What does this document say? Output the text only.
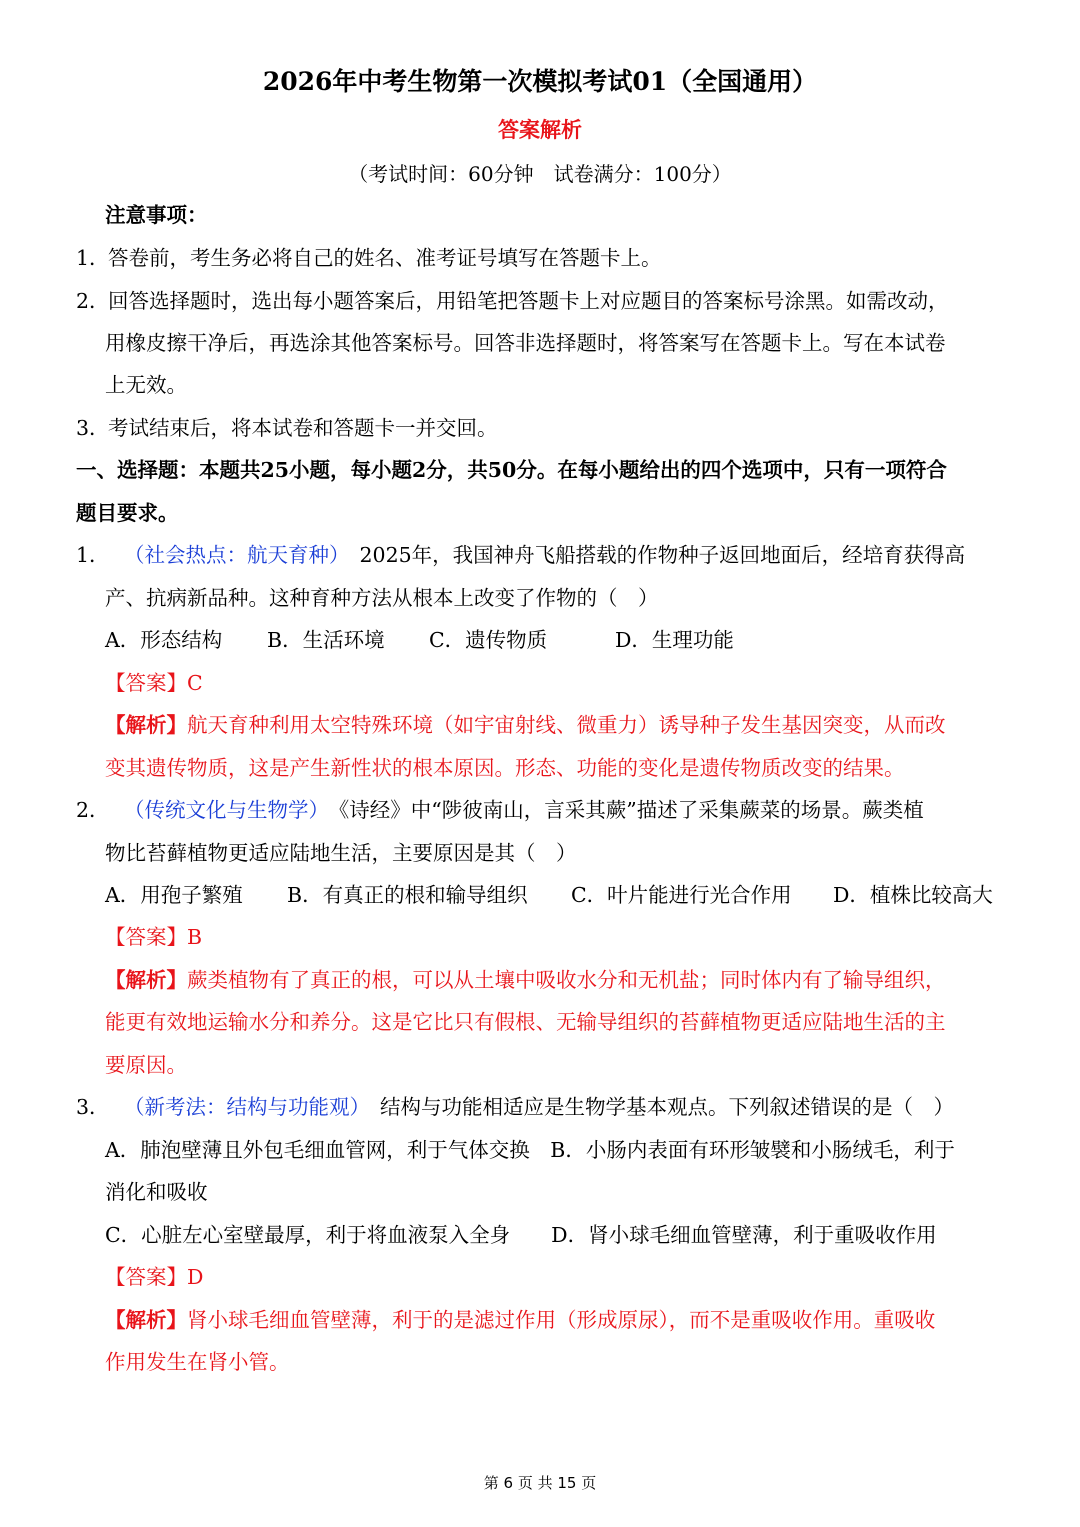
2026年中考生物第一次模拟考试01（全国通用）
答案解析
（考试时间：60分钟　试卷满分：100分）
注意事项：
1．答卷前，考生务必将自己的姓名、准考证号填写在答题卡上。
2．回答选择题时，选出每小题答案后，用铅笔把答题卡上对应题目的答案标号涂黑。如需改动，
用橡皮擦干净后，再选涂其他答案标号。回答非选择题时，将答案写在答题卡上。写在本试卷
上无效。
3．考试结束后，将本试卷和答题卡一并交回。
一、选择题：本题共25小题，每小题2分，共50分。在每小题给出的四个选项中，只有一项符合
题目要求。
1． （社会热点：航天育种） 2025年，我国神舟飞船搭载的作物种子返回地面后，经培育获得高
产、抗病新品种。这种育种方法从根本上改变了作物的（　）
A．形态结构 B．生活环境 C．遗传物质	D．生理功能
【答案】C
【解析】航天育种利用太空特殊环境（如宇宙射线、微重力）诱导种子发生基因突变，从而改
变其遗传物质，这是产生新性状的根本原因。形态、功能的变化是遗传物质改变的结果。
2． （传统文化与生物学） 《诗经》中“陟彼南山，言采其蕨”描述了采集蕨菜的场景。蕨类植
物比苔藓植物更适应陆地生活，主要原因是其（　）
A．用孢子繁殖 B．有真正的根和输导组织 C．叶片能进行光合作用 D．植株比较高大
【答案】B
【解析】蕨类植物有了真正的根，可以从土壤中吸收水分和无机盐；同时体内有了输导组织，
能更有效地运输水分和养分。这是它比只有假根、无输导组织的苔藓植物更适应陆地生活的主
要原因。
3． （新考法：结构与功能观） 结构与功能相适应是生物学基本观点。下列叙述错误的是（　）
A．肺泡壁薄且外包毛细血管网，利于气体交换　B．小肠内表面有环形皱襞和小肠绒毛，利于
消化和吸收
C．心脏左心室壁最厚，利于将血液泵入全身　　D．肾小球毛细血管壁薄，利于重吸收作用
【答案】D
【解析】肾小球毛细血管壁薄，利于的是滤过作用（形成原尿），而不是重吸收作用。重吸收
作用发生在肾小管。
第 6 页 共 15 页
